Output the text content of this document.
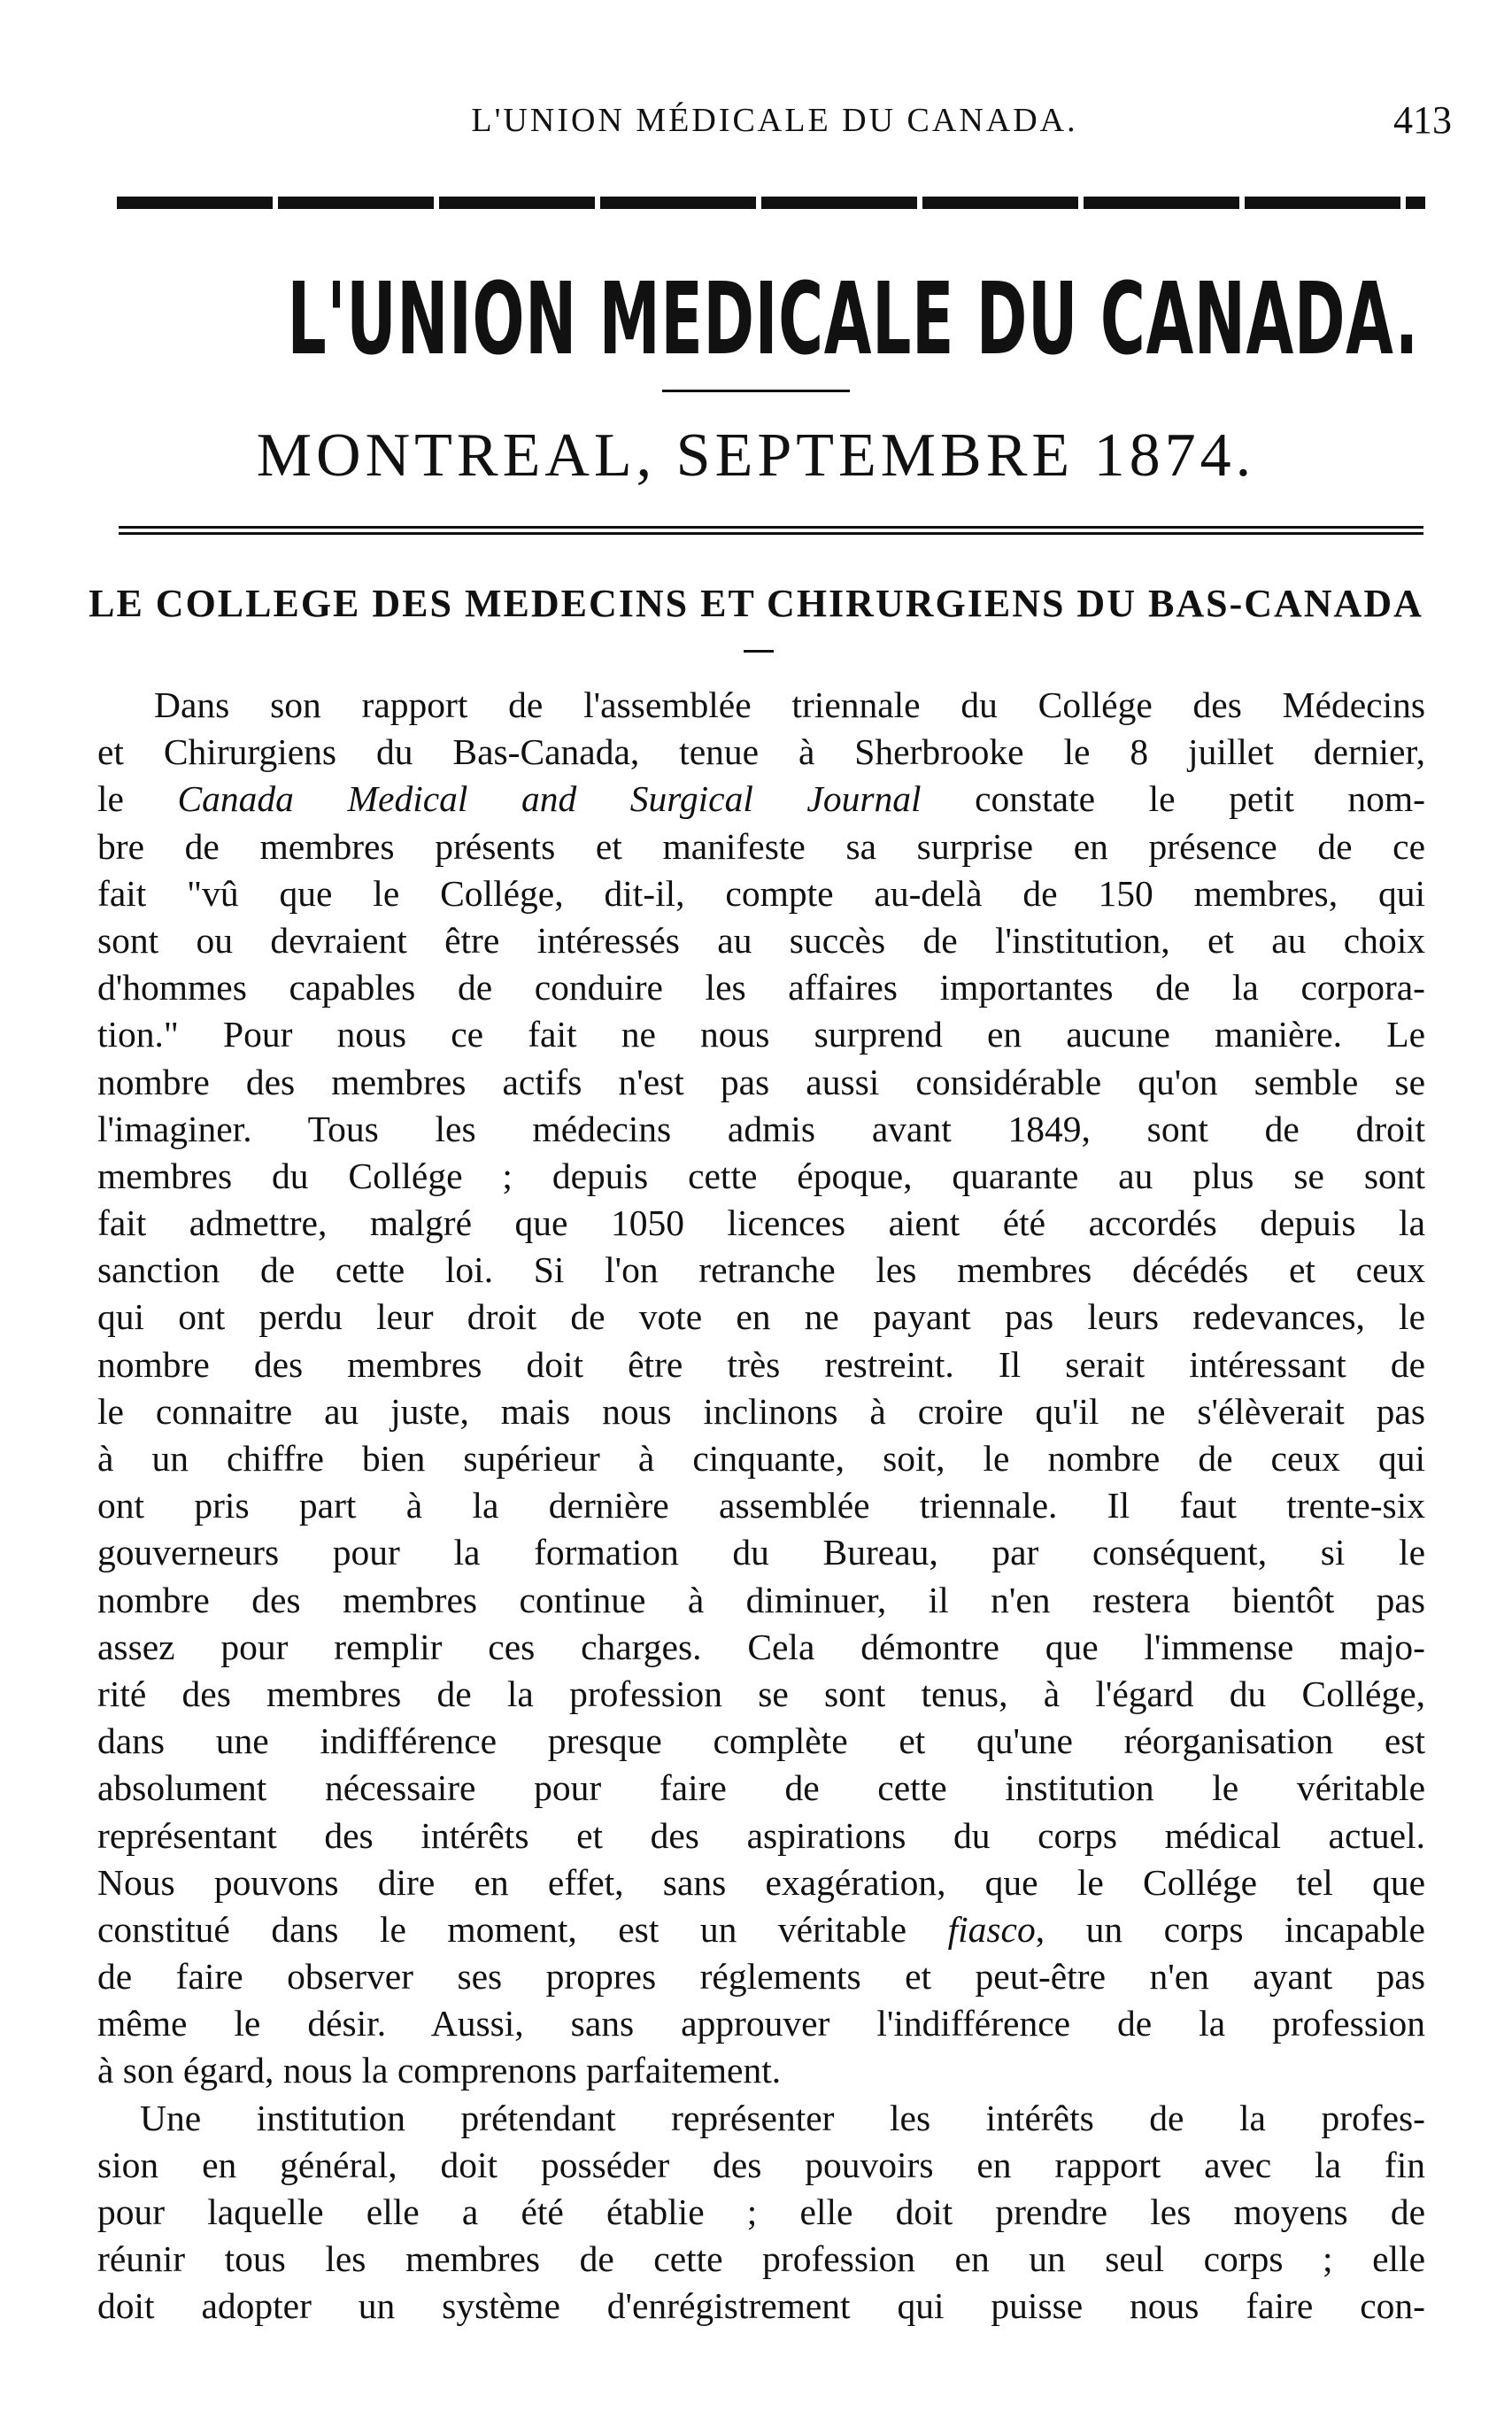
L'UNION MÉDICALE DU CANADA.	413
L'UNION MEDICALE DU CANADA.
MONTREAL, SEPTEMBRE 1874.
LE COLLEGE DES MEDECINS ET CHIRURGIENS DU BAS-CANADA
Dans son rapport de l'assemblée triennale du Collége des Médecins
et Chirurgiens du Bas-Canada, tenue à Sherbrooke le 8 juillet dernier,
le Canada Medical and Surgical Journal constate le petit nom-
bre de membres présents et manifeste sa surprise en présence de ce
fait "vû que le Collége, dit-il, compte au-delà de 150 membres, qui
sont ou devraient être intéressés au succès de l'institution, et au choix
d'hommes capables de conduire les affaires importantes de la corpora-
tion." Pour nous ce fait ne nous surprend en aucune manière. Le
nombre des membres actifs n'est pas aussi considérable qu'on semble se
l'imaginer. Tous les médecins admis avant 1849, sont de droit
membres du Collége ; depuis cette époque, quarante au plus se sont
fait admettre, malgré que 1050 licences aient été accordés depuis la
sanction de cette loi. Si l'on retranche les membres décédés et ceux
qui ont perdu leur droit de vote en ne payant pas leurs redevances, le
nombre des membres doit être très restreint. Il serait intéressant de
le connaitre au juste, mais nous inclinons à croire qu'il ne s'élèverait pas
à un chiffre bien supérieur à cinquante, soit, le nombre de ceux qui
ont pris part à la dernière assemblée triennale. Il faut trente-six
gouverneurs pour la formation du Bureau, par conséquent, si le
nombre des membres continue à diminuer, il n'en restera bientôt pas
assez pour remplir ces charges. Cela démontre que l'immense majo-
rité des membres de la profession se sont tenus, à l'égard du Collége,
dans une indifférence presque complète et qu'une réorganisation est
absolument nécessaire pour faire de cette institution le véritable
représentant des intérêts et des aspirations du corps médical actuel.
Nous pouvons dire en effet, sans exagération, que le Collége tel que
constitué dans le moment, est un véritable fiasco, un corps incapable
de faire observer ses propres réglements et peut-être n'en ayant pas
même le désir. Aussi, sans approuver l'indifférence de la profession
à son égard, nous la comprenons parfaitement.
Une institution prétendant représenter les intérêts de la profes-
sion en général, doit posséder des pouvoirs en rapport avec la fin
pour laquelle elle a été établie ; elle doit prendre les moyens de
réunir tous les membres de cette profession en un seul corps ; elle
doit adopter un système d'enrégistrement qui puisse nous faire con-
